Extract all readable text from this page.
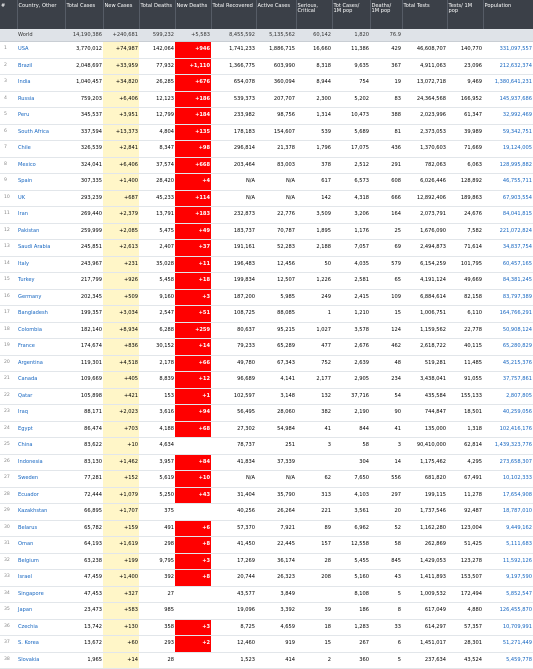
#	Country, Other	Total Cases	New Cases	Total Deaths	New Deaths	Total Recovered	Active Cases	Serious, Critical	Tot Cases/ 1M pop	Deaths/ 1M pop	Total Tests	Tests/ 1M pop	Population
	World	14,190,386	+240,681	599,232	+5,583	8,455,592	5,135,562	60,142	1,820	76.9			
1	USA	3,770,012	+74,987	142,064	+946	1,741,233	1,886,715	16,660	11,386	429	46,608,707	140,770	331,097,557
2	Brazil	2,048,697	+33,959	77,932	+1,110	1,366,775	603,990	8,318	9,635	367	4,911,063	23,096	212,632,374
3	India	1,040,457	+34,820	26,285	+676	654,078	360,094	8,944	754	19	13,072,718	9,469	1,380,641,231
4	Russia	759,203	+6,406	12,123	+186	539,373	207,707	2,300	5,202	83	24,364,568	166,952	145,937,686
5	Peru	345,537	+3,951	12,799	+184	233,982	98,756	1,314	10,473	388	2,023,996	61,347	32,992,469
6	South Africa	337,594	+13,373	4,804	+135	178,183	154,607	539	5,689	81	2,373,053	39,989	59,342,751
7	Chile	326,539	+2,841	8,347	+98	296,814	21,378	1,796	17,075	436	1,370,603	71,669	19,124,005
8	Mexico	324,041	+6,406	37,574	+668	203,464	83,003	378	2,512	291	782,063	6,063	128,995,882
9	Spain	307,335	+1,400	28,420	+4	N/A	N/A	617	6,573	608	6,026,446	128,892	46,755,711
10	UK	293,239	+687	45,233	+114	N/A	N/A	142	4,318	666	12,892,406	189,863	67,903,554
11	Iran	269,440	+2,379	13,791	+183	232,873	22,776	3,509	3,206	164	2,073,791	24,676	84,041,815
12	Pakistan	259,999	+2,085	5,475	+49	183,737	70,787	1,895	1,176	25	1,676,090	7,582	221,072,824
13	Saudi Arabia	245,851	+2,613	2,407	+37	191,161	52,283	2,188	7,057	69	2,494,873	71,614	34,837,754
14	Italy	243,967	+231	35,028	+11	196,483	12,456	50	4,035	579	6,154,259	101,795	60,457,165
15	Turkey	217,799	+926	5,458	+18	199,834	12,507	1,226	2,581	65	4,191,124	49,669	84,381,245
16	Germany	202,345	+509	9,160	+3	187,200	5,985	249	2,415	109	6,884,614	82,158	83,797,389
17	Bangladesh	199,357	+3,034	2,547	+51	108,725	88,085	1	1,210	15	1,006,751	6,110	164,766,291
18	Colombia	182,140	+8,934	6,288	+259	80,637	95,215	1,027	3,578	124	1,159,562	22,778	50,908,124
19	France	174,674	+836	30,152	+14	79,233	65,289	477	2,676	462	2,618,722	40,115	65,280,829
20	Argentina	119,301	+4,518	2,178	+66	49,780	67,343	752	2,639	48	519,281	11,485	45,215,376
21	Canada	109,669	+405	8,839	+12	96,689	4,141	2,177	2,905	234	3,438,041	91,055	37,757,861
22	Qatar	105,898	+421	153	+1	102,597	3,148	132	37,716	54	435,584	155,133	2,807,805
23	Iraq	88,171	+2,023	3,616	+94	56,495	28,060	382	2,190	90	744,847	18,501	40,259,056
24	Egypt	86,474	+703	4,188	+68	27,302	54,984	41	844	41	135,000	1,318	102,416,176
25	China	83,622	+10	4,634		78,737	251	3	58	3	90,410,000	62,814	1,439,323,776
26	Indonesia	83,130	+1,462	3,957	+84	41,834	37,339		304	14	1,175,462	4,295	273,658,307
27	Sweden	77,281	+152	5,619	+10	N/A	N/A	62	7,650	556	681,820	67,491	10,102,333
28	Ecuador	72,444	+1,079	5,250	+43	31,404	35,790	313	4,103	297	199,115	11,278	17,654,908
29	Kazakhstan	66,895	+1,707	375		40,256	26,264	221	3,561	20	1,737,546	92,487	18,787,010
30	Belarus	65,782	+159	491	+6	57,370	7,921	89	6,962	52	1,162,280	123,004	9,449,162
31	Oman	64,193	+1,619	298	+8	41,450	22,445	157	12,558	58	262,869	51,425	5,111,683
32	Belgium	63,238	+199	9,795	+3	17,269	36,174	28	5,455	845	1,429,053	123,278	11,592,126
33	Israel	47,459	+1,400	392	+8	20,744	26,323	208	5,160	43	1,411,893	153,507	9,197,590
34	Singapore	47,453	+327	27		43,577	3,849		8,108	5	1,009,532	172,494	5,852,547
35	Japan	23,473	+583	985		19,096	3,392	39	186	8	617,049	4,880	126,455,870
36	Czechia	13,742	+130	358	+3	8,725	4,659	18	1,283	33	614,297	57,357	10,709,991
37	S. Korea	13,672	+60	293	+2	12,460	919	15	267	6	1,451,017	28,301	51,271,449
38	Slovakia	1,965	+14	28		1,523	414	2	360	5	237,634	43,524	5,459,778
